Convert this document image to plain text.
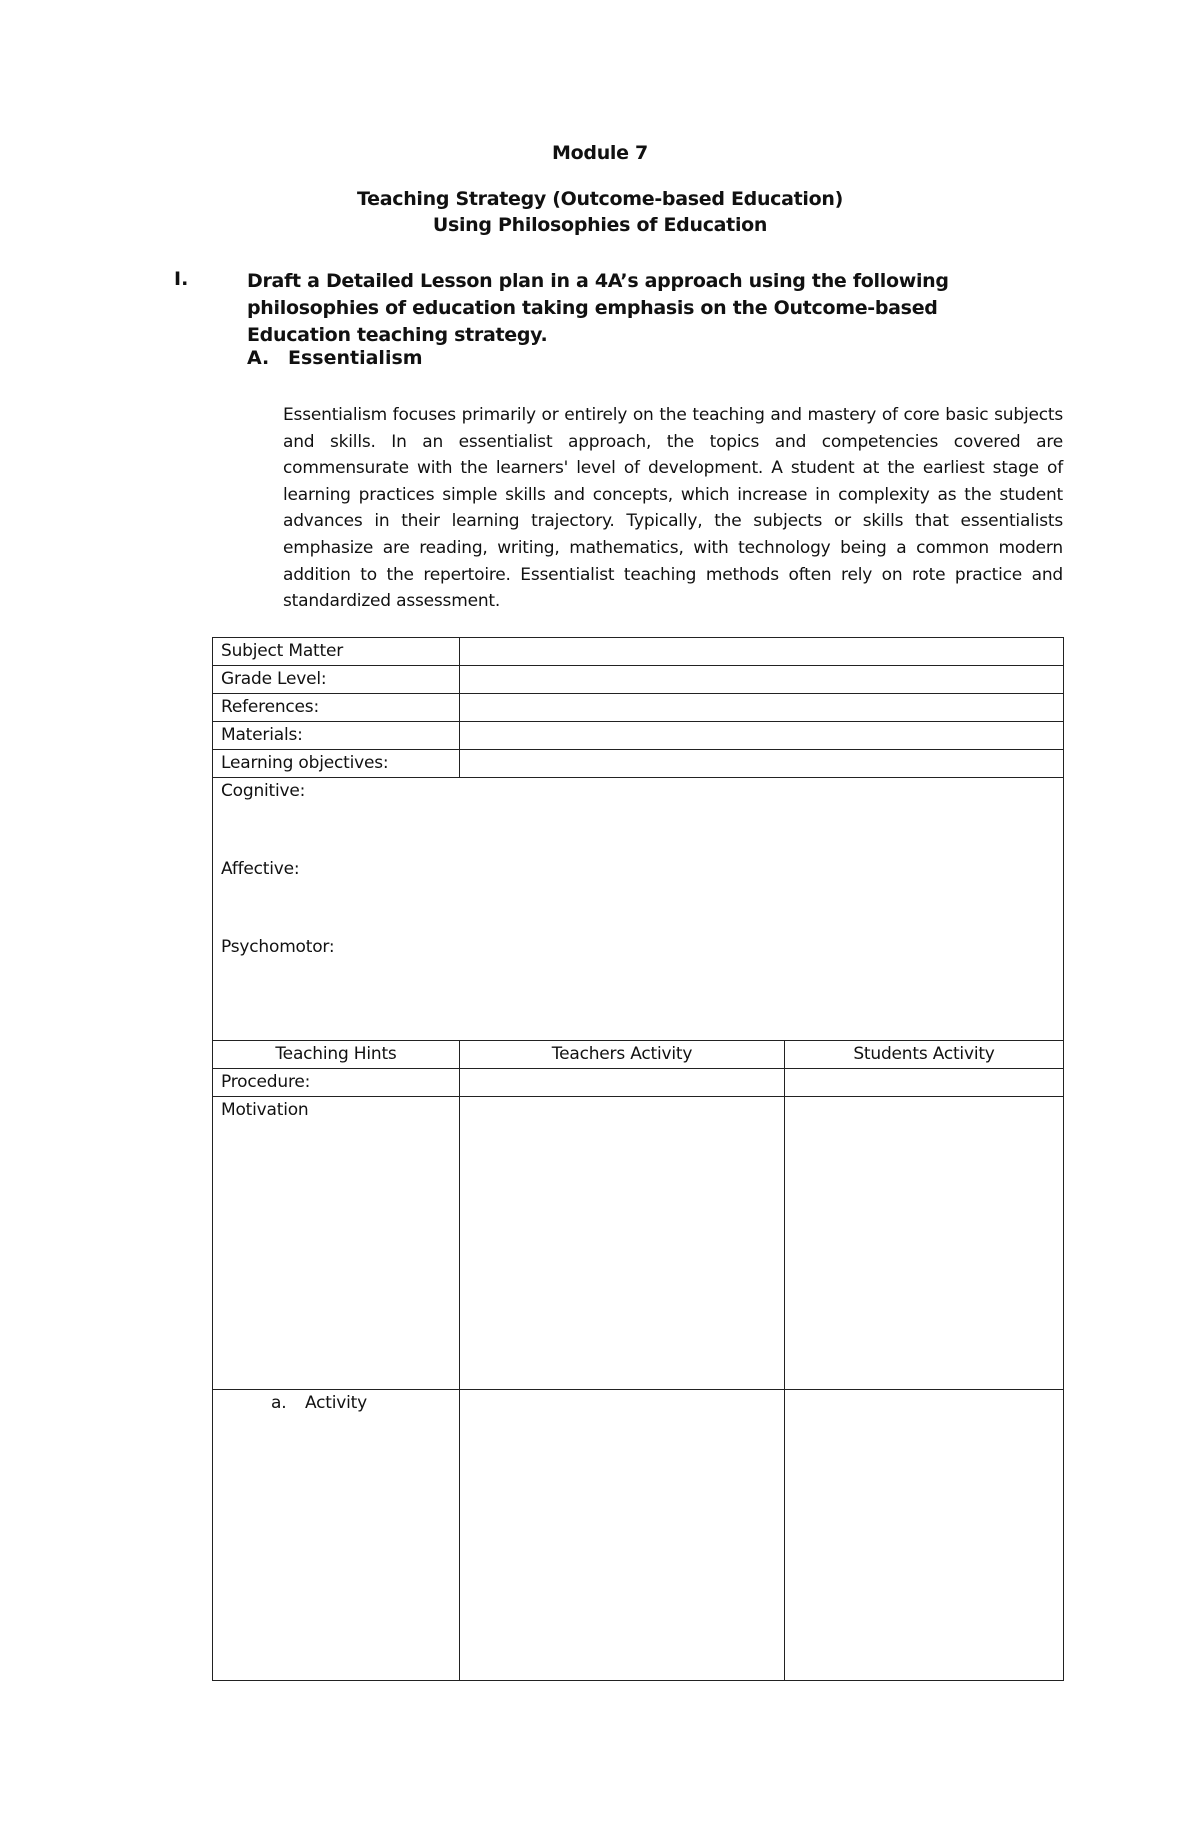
Module 7
Teaching Strategy (Outcome-based Education)
Using Philosophies of Education
I.	Draft a Detailed Lesson plan in a 4A’s approach using the following philosophies of education taking emphasis on the Outcome-based Education teaching strategy.
A. Essentialism
Essentialism focuses primarily or entirely on the teaching and mastery of core basic subjects and skills. In an essentialist approach, the topics and competencies covered are commensurate with the learners' level of development. A student at the earliest stage of learning practices simple skills and concepts, which increase in complexity as the student advances in their learning trajectory. Typically, the subjects or skills that essentialists emphasize are reading, writing, mathematics, with technology being a common modern addition to the repertoire. Essentialist teaching methods often rely on rote practice and standardized assessment.
Subject Matter		
Grade Level:		
References:		
Materials:		
Learning objectives:		

Cognitive:
Affective:
Psychomotor:		

Teaching Hints	Teachers Activity	Students Activity
Procedure:		
Motivation		

a. Activity		
